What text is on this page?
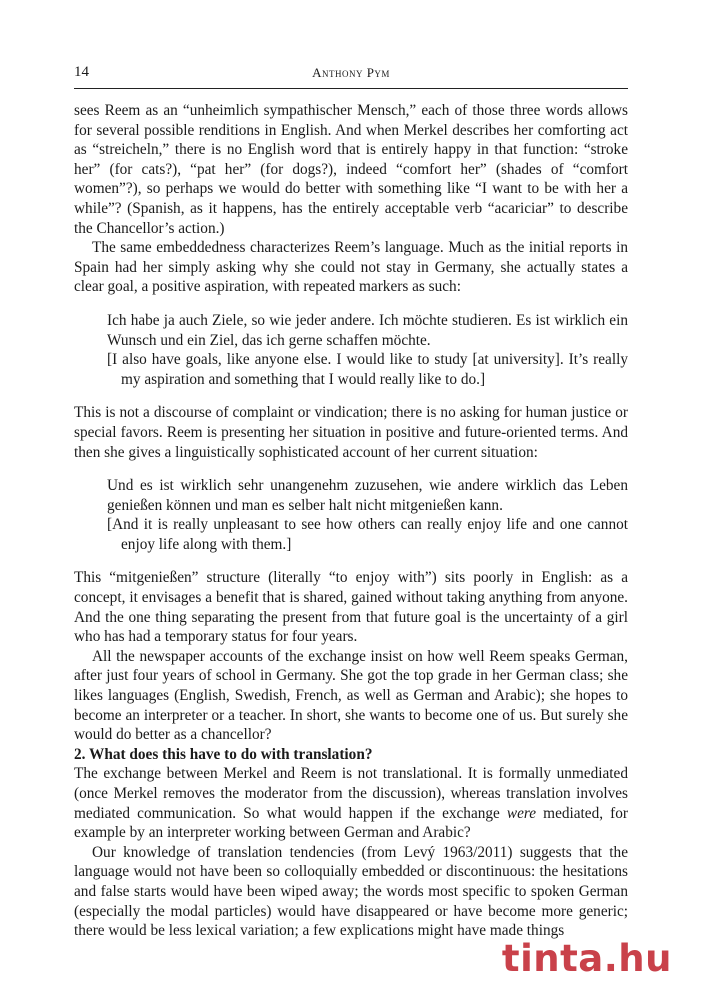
14	Anthony Pym

sees Reem as an “unheimlich sympathischer Mensch,” each of those three words allows for several possible renditions in English. And when Merkel describes her comforting act as “streicheln,” there is no English word that is entirely happy in that function: “stroke her” (for cats?), “pat her” (for dogs?), indeed “comfort her” (shades of “comfort women”?), so perhaps we would do better with something like “I want to be with her a while”? (Spanish, as it happens, has the entirely acceptable verb “acariciar” to describe the Chancellor’s action.)

The same embeddedness characterizes Reem’s language. Much as the initial reports in Spain had her simply asking why she could not stay in Germany, she actually states a clear goal, a positive aspiration, with repeated markers as such:

Ich habe ja auch Ziele, so wie jeder andere. Ich möchte studieren. Es ist wirklich ein Wunsch und ein Ziel, das ich gerne schaffen möchte.

[I also have goals, like anyone else. I would like to study [at university]. It’s really my aspiration and something that I would really like to do.]

This is not a discourse of complaint or vindication; there is no asking for human justice or special favors. Reem is presenting her situation in positive and future-oriented terms. And then she gives a linguistically sophisticated account of her current situation:

Und es ist wirklich sehr unangenehm zuzusehen, wie andere wirklich das Leben genießen können und man es selber halt nicht mitgenießen kann.

[And it is really unpleasant to see how others can really enjoy life and one cannot enjoy life along with them.]

This “mitgenießen” structure (literally “to enjoy with”) sits poorly in English: as a concept, it envisages a benefit that is shared, gained without taking anything from anyone. And the one thing separating the present from that future goal is the uncertainty of a girl who has had a temporary status for four years.

All the newspaper accounts of the exchange insist on how well Reem speaks German, after just four years of school in Germany. She got the top grade in her German class; she likes languages (English, Swedish, French, as well as German and Arabic); she hopes to become an interpreter or a teacher. In short, she wants to become one of us. But surely she would do better as a chancellor?

2. What does this have to do with translation?

The exchange between Merkel and Reem is not translational. It is formally unmediated (once Merkel removes the moderator from the discussion), whereas translation involves mediated communication. So what would happen if the exchange were mediated, for example by an interpreter working between German and Arabic?

Our knowledge of translation tendencies (from Levý 1963/2011) suggests that the language would not have been so colloquially embedded or discontinuous: the hesitations and false starts would have been wiped away; the words most specific to spoken German (especially the modal particles) would have disappeared or have become more generic; there would be less lexical variation; a few explications might have made things

tinta.hu
